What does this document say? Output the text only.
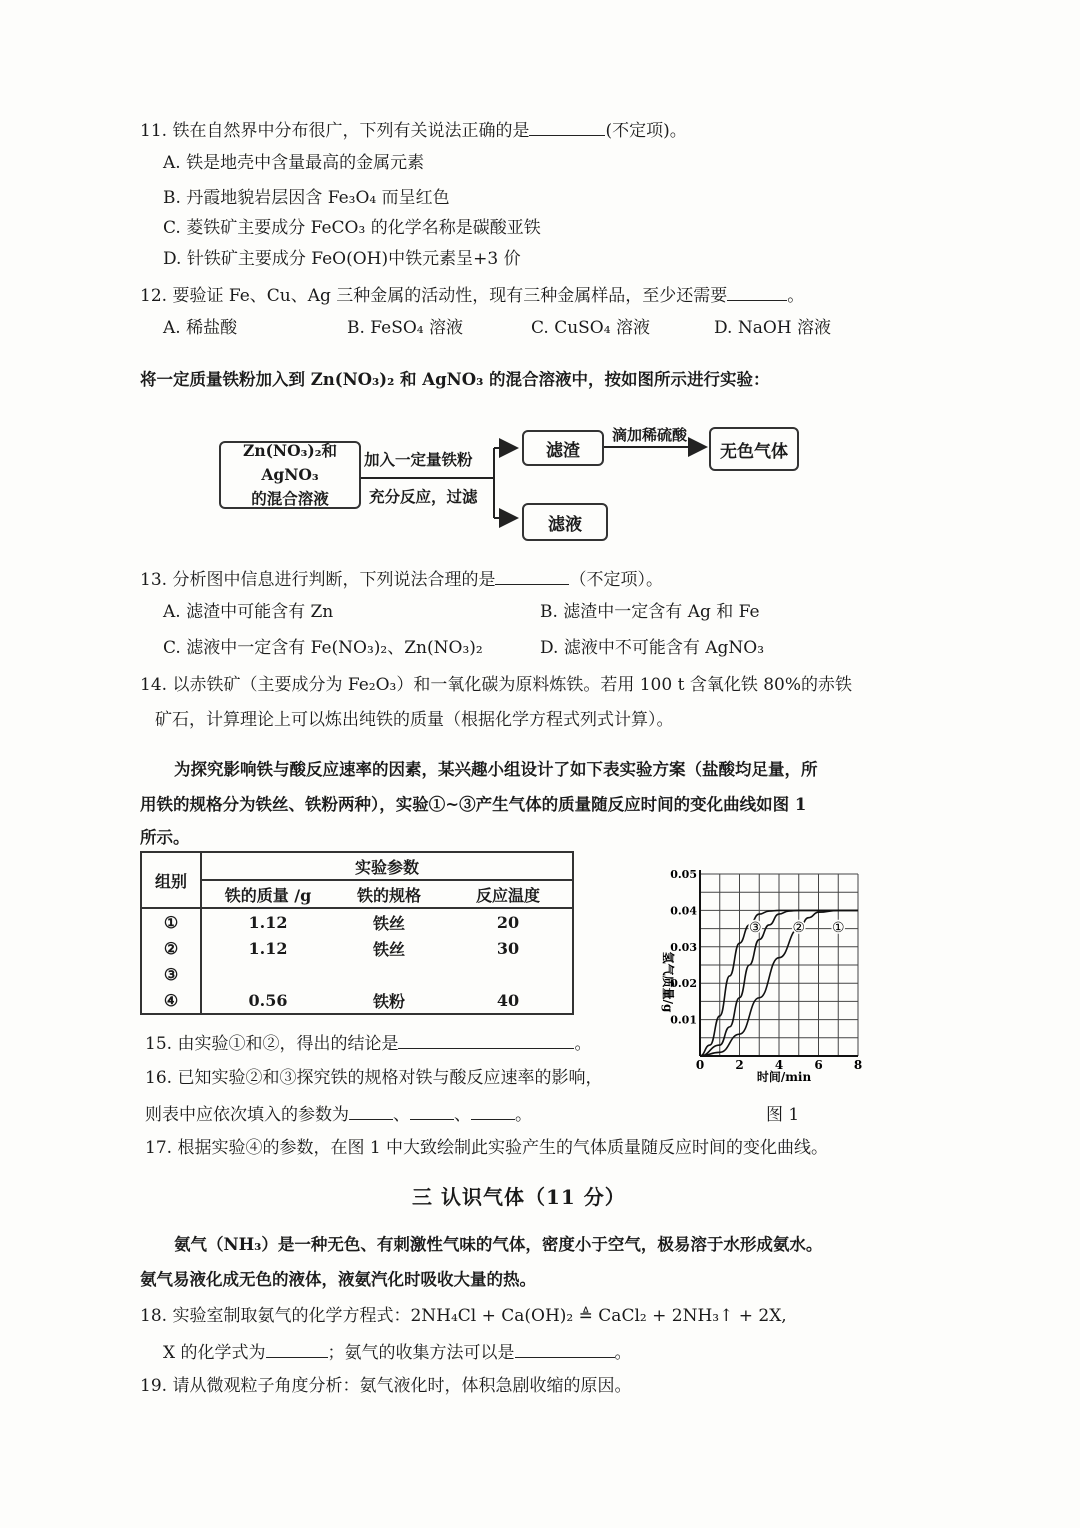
11. 铁在自然界中分布很广，下列有关说法正确的是	(不定项)。
A. 铁是地壳中含量最高的金属元素
B. 丹霞地貌岩层因含 Fe₃O₄ 而呈红色
C. 菱铁矿主要成分 FeCO₃ 的化学名称是碳酸亚铁
D. 针铁矿主要成分 FeO(OH)中铁元素呈+3 价
12. 要验证 Fe、Cu、Ag 三种金属的活动性，现有三种金属样品，至少还需要	。
A. 稀盐酸	B. FeSO₄ 溶液	C. CuSO₄ 溶液	D. NaOH 溶液
将一定质量铁粉加入到 Zn(NO₃)₂ 和 AgNO₃ 的混合溶液中，按如图所示进行实验：
Zn(NO₃)₂和AgNO₃
的混合溶液
加入一定量铁粉
充分反应，过滤
滤渣
滤液
滴加稀硫酸
无色气体
13. 分析图中信息进行判断，下列说法合理的是	（不定项）。
A. 滤渣中可能含有 Zn	B. 滤渣中一定含有 Ag 和 Fe
C. 滤液中一定含有 Fe(NO₃)₂、Zn(NO₃)₂	D. 滤液中不可能含有 AgNO₃
14. 以赤铁矿（主要成分为 Fe₂O₃）和一氧化碳为原料炼铁。若用 100 t 含氧化铁 80%的赤铁
矿石，计算理论上可以炼出纯铁的质量（根据化学方程式列式计算）。
为探究影响铁与酸反应速率的因素，某兴趣小组设计了如下表实验方案（盐酸均足量，所
用铁的规格分为铁丝、铁粉两种），实验①~③产生气体的质量随反应时间的变化曲线如图 1
所示。
组别	实验参数		
	铁的质量 /g	铁的规格	反应温度
①	1.12	铁丝	20
②	1.12	铁丝	30
③			
④	0.56	铁粉	40
0	2	4	6	8
0.01
0.02
0.03
0.04
0.05
③ ② ①
氢气质量/g
时间/min
图 1
15. 由实验①和②，得出的结论是	。
16. 已知实验②和③探究铁的规格对铁与酸反应速率的影响，
则表中应依次填入的参数为	、	、	。
17. 根据实验④的参数，在图 1 中大致绘制此实验产生的气体质量随反应时间的变化曲线。
三 认识气体（11 分）
氨气（NH₃）是一种无色、有刺激性气味的气体，密度小于空气，极易溶于水形成氨水。
氨气易液化成无色的液体，液氨汽化时吸收大量的热。
18. 实验室制取氨气的化学方程式：2NH₄Cl + Ca(OH)₂ ≜ CaCl₂ + 2NH₃↑ + 2X,
X 的化学式为	；氨气的收集方法可以是	。
19. 请从微观粒子角度分析：氨气液化时，体积急剧收缩的原因。
